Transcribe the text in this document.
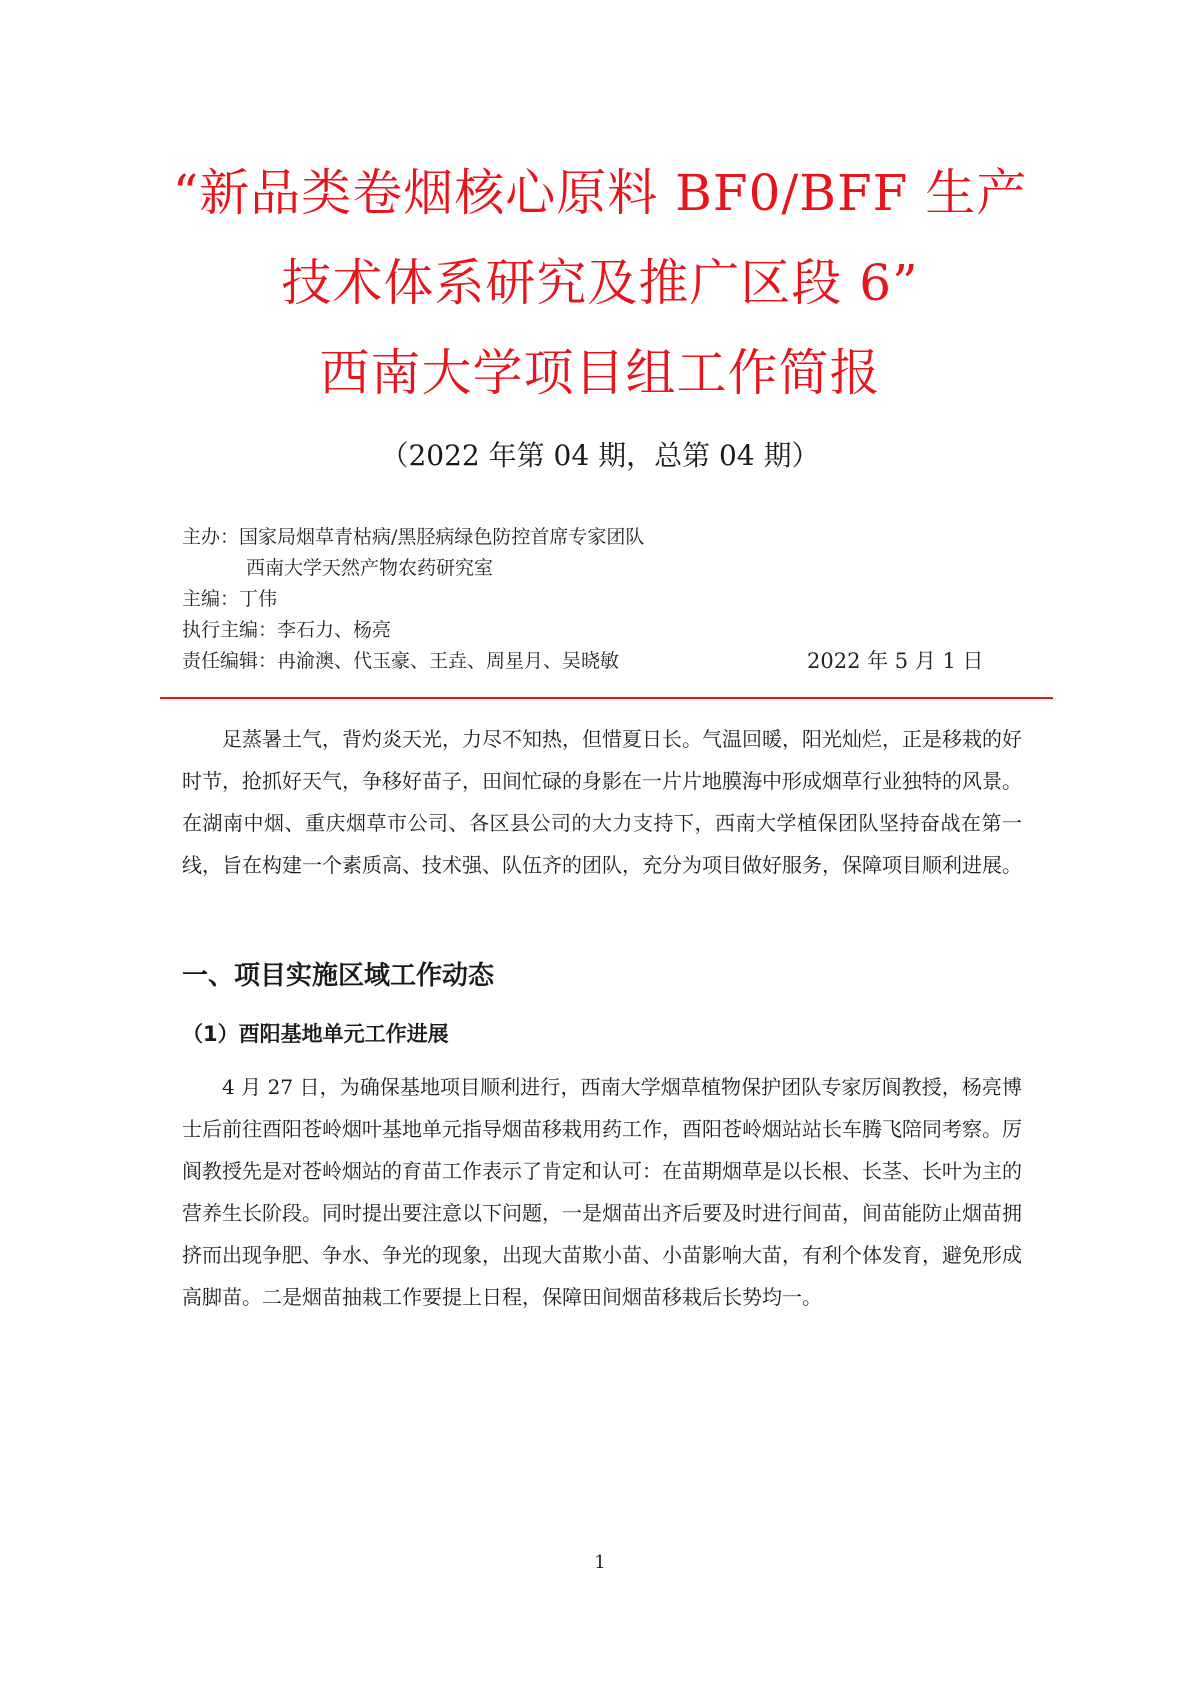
“新品类卷烟核心原料 BF0/BFF 生产
技术体系研究及推广区段 6”
西南大学项目组工作简报
（2022 年第 04 期，总第 04 期）
主办：国家局烟草青枯病/黑胫病绿色防控首席专家团队
西南大学天然产物农药研究室
主编：丁伟
执行主编：李石力、杨亮
责任编辑：冉渝澳、代玉豪、王垚、周星月、吴晓敏	2022 年 5 月 1 日

足蒸暑土气，背灼炎天光，力尽不知热，但惜夏日长。气温回暖，阳光灿烂，正是移栽的好时节，抢抓好天气，争移好苗子，田间忙碌的身影在一片片地膜海中形成烟草行业独特的风景。在湖南中烟、重庆烟草市公司、各区县公司的大力支持下，西南大学植保团队坚持奋战在第一线，旨在构建一个素质高、技术强、队伍齐的团队，充分为项目做好服务，保障项目顺利进展。

一、项目实施区域工作动态
（1）酉阳基地单元工作进展

4 月 27 日，为确保基地项目顺利进行，西南大学烟草植物保护团队专家厉阆教授，杨亮博士后前往酉阳苍岭烟叶基地单元指导烟苗移栽用药工作，酉阳苍岭烟站站长车腾飞陪同考察。厉阆教授先是对苍岭烟站的育苗工作表示了肯定和认可：在苗期烟草是以长根、长茎、长叶为主的营养生长阶段。同时提出要注意以下问题，一是烟苗出齐后要及时进行间苗，间苗能防止烟苗拥挤而出现争肥、争水、争光的现象，出现大苗欺小苗、小苗影响大苗，有利个体发育，避免形成高脚苗。二是烟苗抽栽工作要提上日程，保障田间烟苗移栽后长势均一。

1
